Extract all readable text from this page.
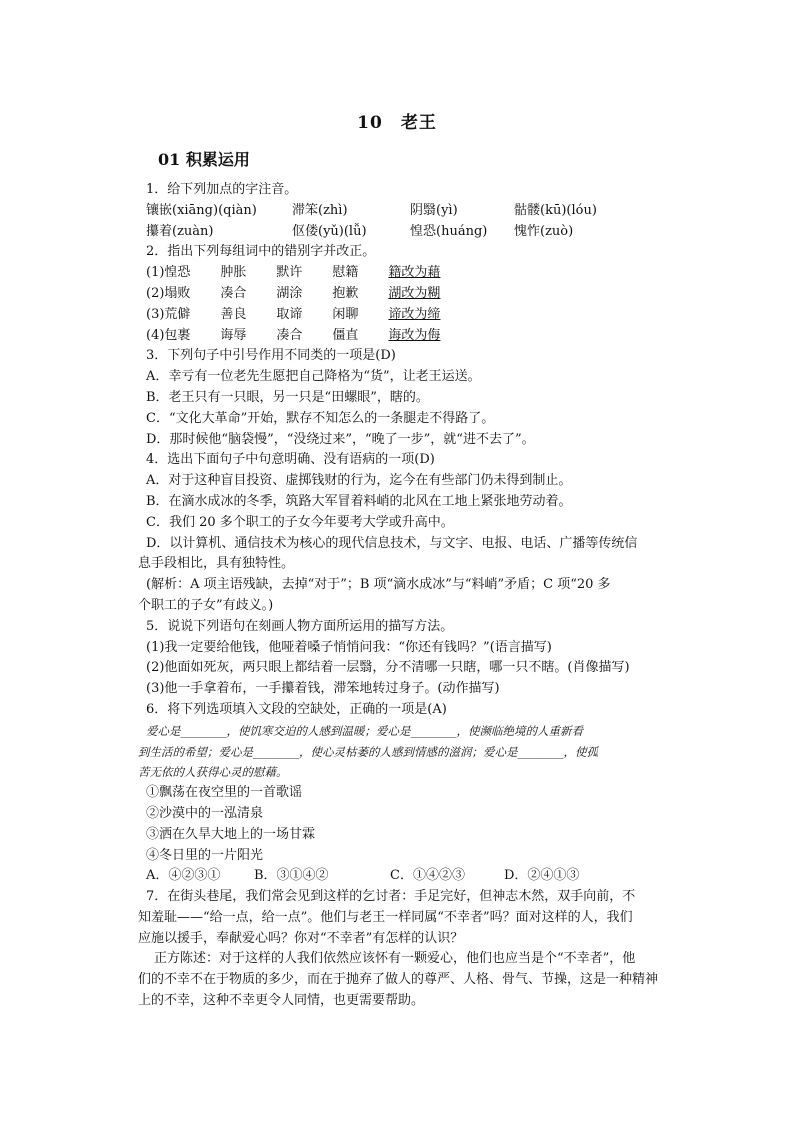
10　老王
01 积累运用
1．给下列加点的字注音。
镶嵌(xiāng)(qiàn)	滞笨(zhì)	阴翳(yì)	骷髅(kū)(lóu)
攥着(zuàn)	伛偻(yǔ)(lǚ)	惶恐(huáng)	愧怍(zuò)
2．指出下列每组词中的错别字并改正。
(1)惶恐 肿胀 默许 慰籍 籍改为藉
(2)塌败 凑合 湖涂 抱歉 湖改为糊
(3)荒僻 善良 取谛 闲聊 谛改为缔
(4)包裹 诲辱 凑合 僵直 诲改为侮
3．下列句子中引号作用不同类的一项是(D)
A．幸亏有一位老先生愿把自己降格为“货”，让老王运送。
B．老王只有一只眼，另一只是“田螺眼”，瞎的。
C．“文化大革命”开始，默存不知怎么的一条腿走不得路了。
D．那时候他“脑袋慢”，“没绕过来”，“晚了一步”，就“进不去了”。
4．选出下面句子中句意明确、没有语病的一项(D)
A．对于这种盲目投资、虚掷钱财的行为，迄今在有些部门仍未得到制止。
B．在滴水成冰的冬季，筑路大军冒着料峭的北风在工地上紧张地劳动着。
C．我们 20 多个职工的子女今年要考大学或升高中。
D．以计算机、通信技术为核心的现代信息技术，与文字、电报、电话、广播等传统信
息手段相比，具有独特性。
(解析：A 项主语残缺，去掉“对于”；B 项“滴水成冰”与“料峭”矛盾；C 项“20 多
个职工的子女”有歧义。)
5．说说下列语句在刻画人物方面所运用的描写方法。
(1)我一定要给他钱，他哑着嗓子悄悄问我：“你还有钱吗？”(语言描写)
(2)他面如死灰，两只眼上都结着一层翳，分不清哪一只瞎，哪一只不瞎。(肖像描写)
(3)他一手拿着布，一手攥着钱，滞笨地转过身子。(动作描写)
6．将下列选项填入文段的空缺处，正确的一项是(A)
爱心是________，使饥寒交迫的人感到温暖；爱心是________，使濒临绝境的人重新看
到生活的希望；爱心是________，使心灵枯萎的人感到情感的滋润；爱心是________，使孤
苦无依的人获得心灵的慰藉。
①飘荡在夜空里的一首歌谣
②沙漠中的一泓清泉
③洒在久旱大地上的一场甘霖
④冬日里的一片阳光
A．④②③①	B．③①④②	C．①④②③	D．②④①③
7．在街头巷尾，我们常会见到这样的乞讨者：手足完好，但神志木然，双手向前，不
知羞耻——“给一点，给一点”。他们与老王一样同属“不幸者”吗？面对这样的人，我们
应施以援手，奉献爱心吗？你对“不幸者”有怎样的认识？
正方陈述：对于这样的人我们依然应该怀有一颗爱心，他们也应当是个“不幸者”，他
们的不幸不在于物质的多少，而在于抛弃了做人的尊严、人格、骨气、节操，这是一种精神
上的不幸，这种不幸更令人同情，也更需要帮助。
